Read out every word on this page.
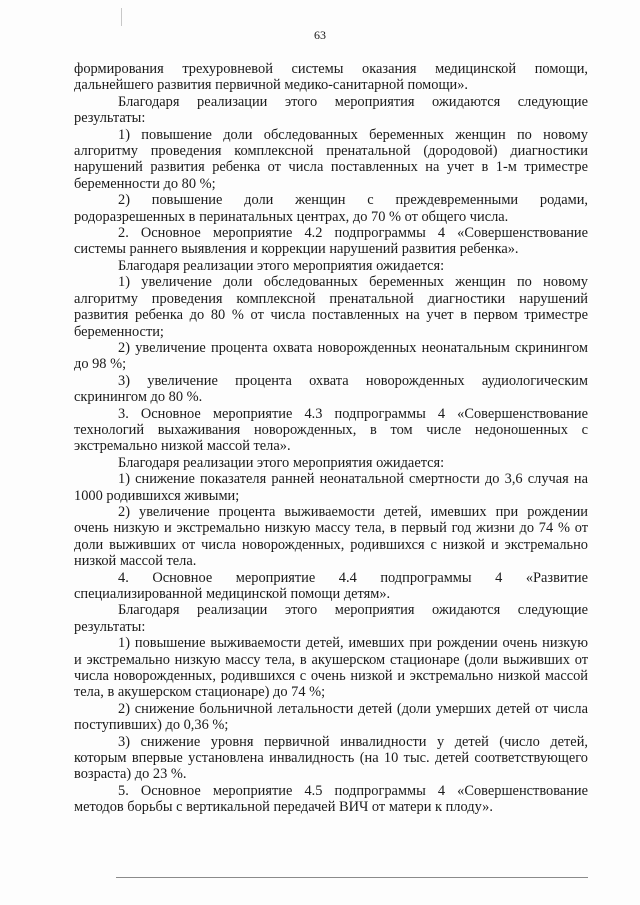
63

формирования трехуровневой системы оказания медицинской помощи, дальнейшего развития первичной медико-санитарной помощи».

Благодаря реализации этого мероприятия ожидаются следующие результаты:

1) повышение доли обследованных беременных женщин по новому алгоритму проведения комплексной пренатальной (дородовой) диагностики нарушений развития ребенка от числа поставленных на учет в 1-м триместре беременности до 80 %;

2) повышение доли женщин с преждевременными родами, родоразрешенных в перинатальных центрах, до 70 % от общего числа.

2. Основное мероприятие 4.2 подпрограммы 4 «Совершенствование системы раннего выявления и коррекции нарушений развития ребенка».

Благодаря реализации этого мероприятия ожидается:

1) увеличение доли обследованных беременных женщин по новому алгоритму проведения комплексной пренатальной диагностики нарушений развития ребенка до 80 % от числа поставленных на учет в первом триместре беременности;

2) увеличение процента охвата новорожденных неонатальным скринингом до 98 %;

3) увеличение процента охвата новорожденных аудиологическим скринингом до 80 %.

3. Основное мероприятие 4.3 подпрограммы 4 «Совершенствование технологий выхаживания новорожденных, в том числе недоношенных с экстремально низкой массой тела».

Благодаря реализации этого мероприятия ожидается:

1) снижение показателя ранней неонатальной смертности до 3,6 случая на 1000 родившихся живыми;

2) увеличение процента выживаемости детей, имевших при рождении очень низкую и экстремально низкую массу тела, в первый год жизни до 74 % от доли выживших от числа новорожденных, родившихся с низкой и экстремально низкой массой тела.

4. Основное мероприятие 4.4 подпрограммы 4 «Развитие специализированной медицинской помощи детям».

Благодаря реализации этого мероприятия ожидаются следующие результаты:

1) повышение выживаемости детей, имевших при рождении очень низкую и экстремально низкую массу тела, в акушерском стационаре (доли выживших от числа новорожденных, родившихся с очень низкой и экстремально низкой массой тела, в акушерском стационаре) до 74 %;

2) снижение больничной летальности детей (доли умерших детей от числа поступивших) до 0,36 %;

3) снижение уровня первичной инвалидности у детей (число детей, которым впервые установлена инвалидность (на 10 тыс. детей соответствующего возраста) до 23 %.

5. Основное мероприятие 4.5 подпрограммы 4 «Совершенствование методов борьбы с вертикальной передачей ВИЧ от матери к плоду».
